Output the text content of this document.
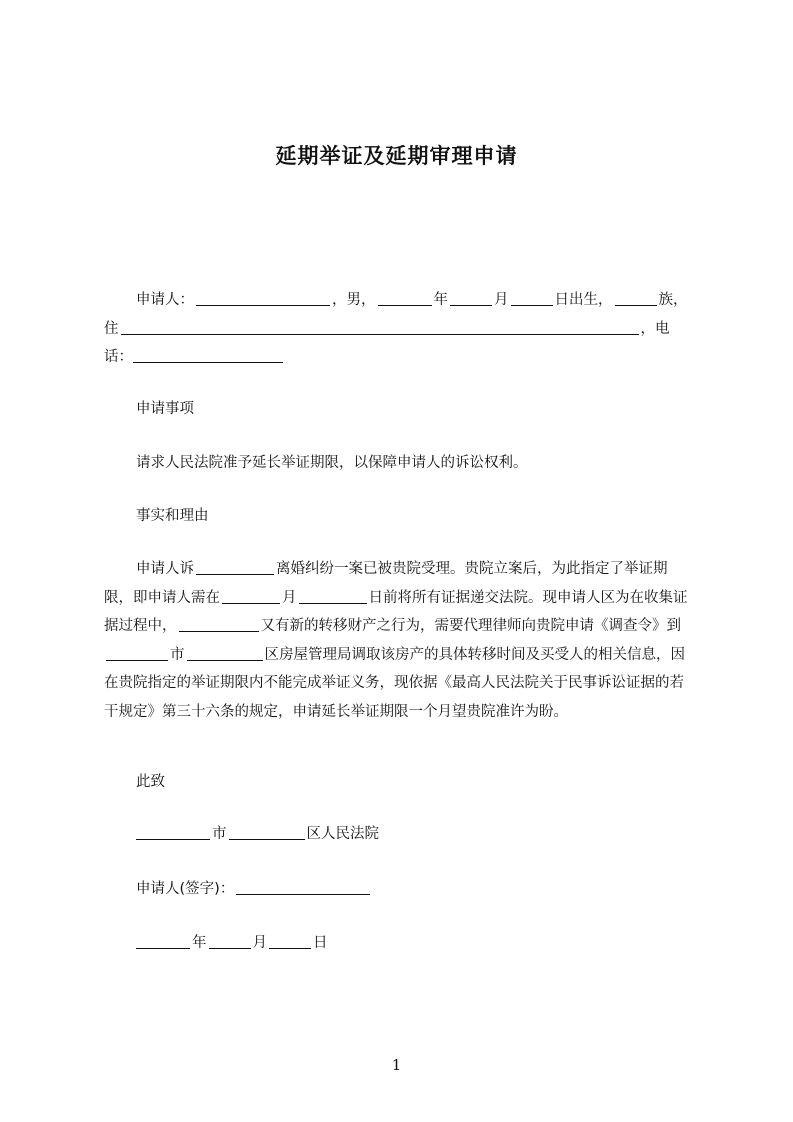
延期举证及延期审理申请
申请人：	，男，	年	月	日出生，	族，住	，电话：
申请事项
请求人民法院准予延长举证期限，以保障申请人的诉讼权利。
事实和理由
申请人诉	离婚纠纷一案已被贵院受理。贵院立案后，为此指定了举证期限，即申请人需在	月	日前将所有证据递交法院。现申请人区为在收集证据过程中，	又有新的转移财产之行为，需要代理律师向贵院申请《调查令》到市	区房屋管理局调取该房产的具体转移时间及买受人的相关信息，因在贵院指定的举证期限内不能完成举证义务，现依据《最高人民法院关于民事诉讼证据的若干规定》第三十六条的规定，申请延长举证期限一个月望贵院准许为盼。
此致
市	区人民法院
申请人(签字)：
年	月	日
1
